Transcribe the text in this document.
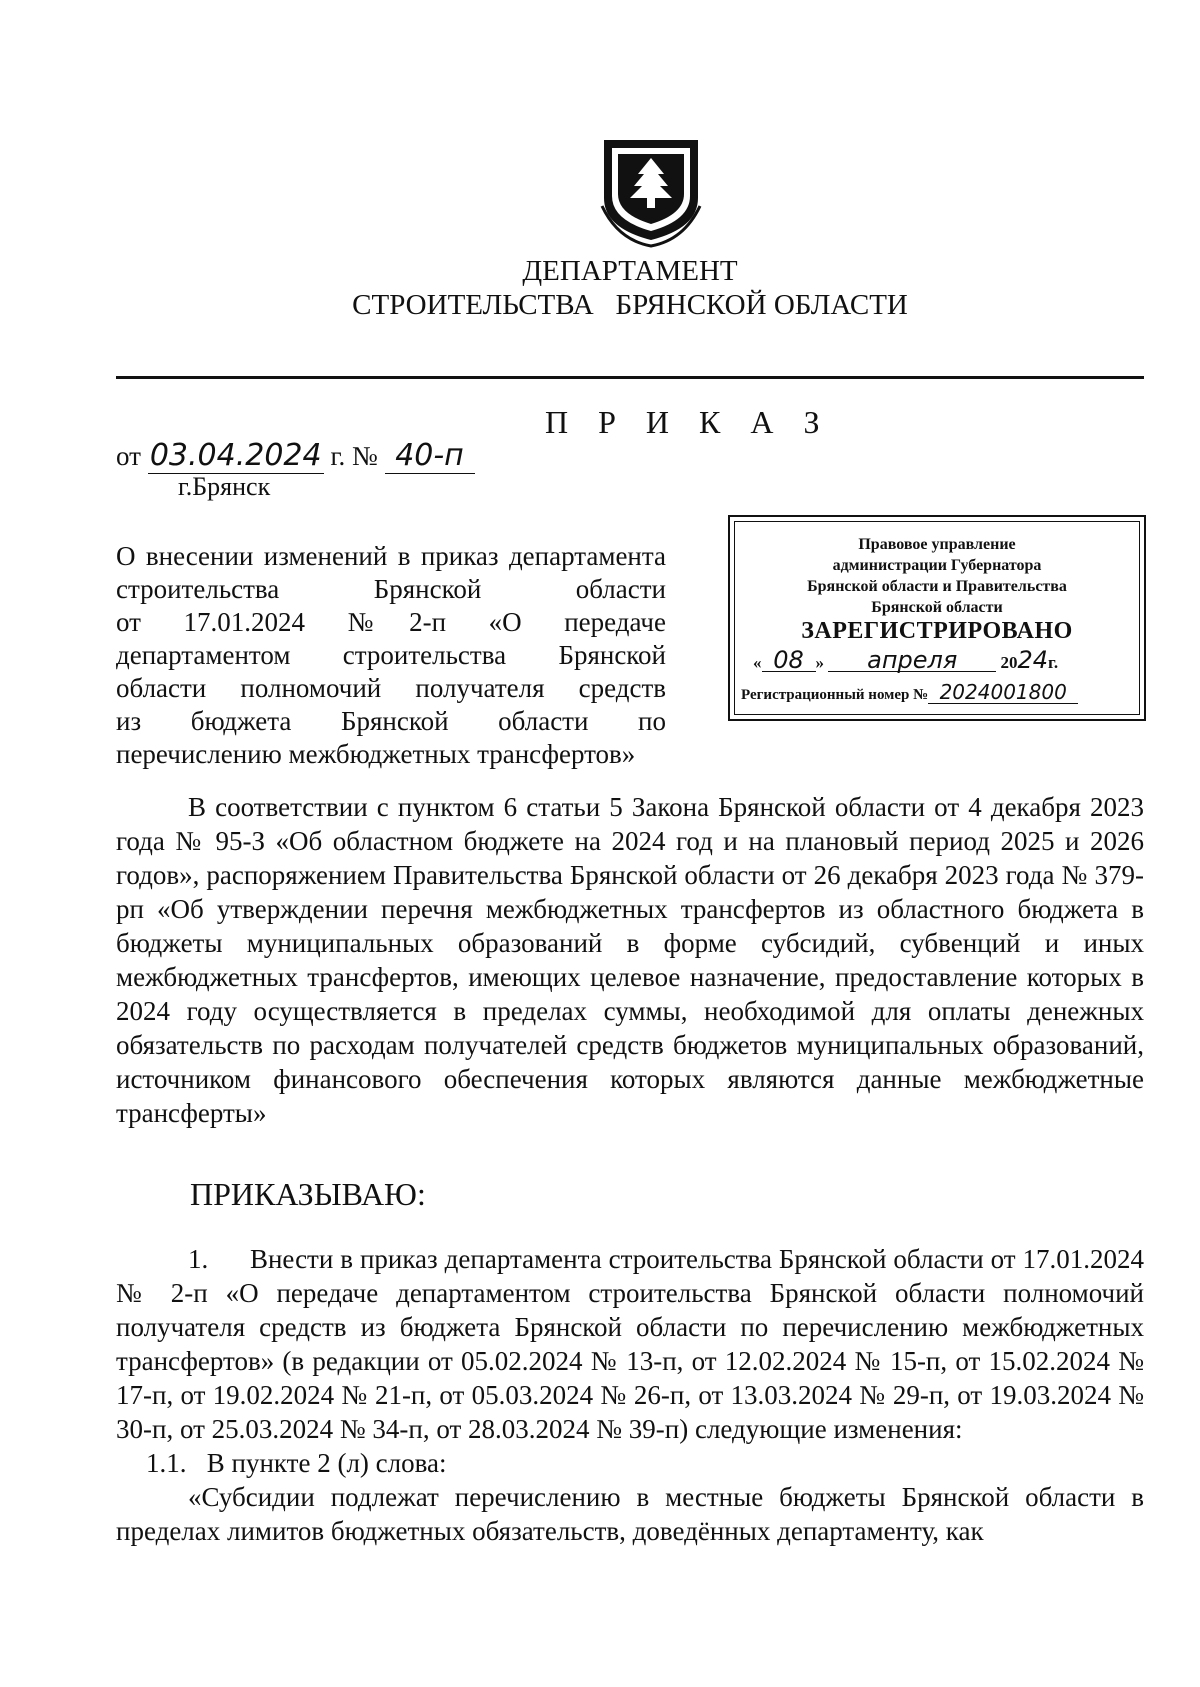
ДЕПАРТАМЕНТ
СТРОИТЕЛЬСТВА   БРЯНСКОЙ ОБЛАСТИ
П Р И К А З
от 03.04.2024 г. № 40-п
г.Брянск
О внесении изменений в приказ департамента
строительства Брянской области
от 17.01.2024 №2-п «О передаче
департаментом строительства Брянской
области полномочий получателя средств
из бюджета Брянской области по
перечислению межбюджетных трансфертов»
Правовое управление
администрации Губернатора
Брянской области и Правительства
Брянской области
ЗАРЕГИСТРИРОВАНО
« 08 » апреля	2024г.
Регистрационный номер № 2024001800
В соответствии с пунктом 6 статьи 5 Закона Брянской области от 4 декабря 2023 года № 95-З «Об областном бюджете на 2024 год и на плановый период 2025 и 2026 годов», распоряжением Правительства Брянской области от 26 декабря 2023 года № 379-рп «Об утверждении перечня межбюджетных трансфертов из областного бюджета в бюджеты муниципальных образований в форме субсидий, субвенций и иных межбюджетных трансфертов, имеющих целевое назначение, предоставление которых в 2024 году осуществляется в пределах суммы, необходимой для оплаты денежных обязательств по расходам получателей средств бюджетов муниципальных образований, источником финансового обеспечения которых являются данные межбюджетные трансферты»
ПРИКАЗЫВАЮ:
1.      Внести в приказ департамента строительства Брянской области от 17.01.2024 № 2-п «О передаче департаментом строительства Брянской области полномочий получателя средств из бюджета Брянской области по перечислению межбюджетных трансфертов» (в редакции от 05.02.2024 № 13-п, от 12.02.2024 № 15-п, от 15.02.2024 № 17-п, от 19.02.2024 № 21-п, от 05.03.2024 № 26-п, от 13.03.2024 № 29-п, от 19.03.2024 № 30-п, от 25.03.2024 № 34-п, от 28.03.2024 № 39-п) следующие изменения:
1.1.   В пункте 2 (л) слова:
«Субсидии подлежат перечислению в местные бюджеты Брянской области в пределах лимитов бюджетных обязательств, доведённых департаменту, как
